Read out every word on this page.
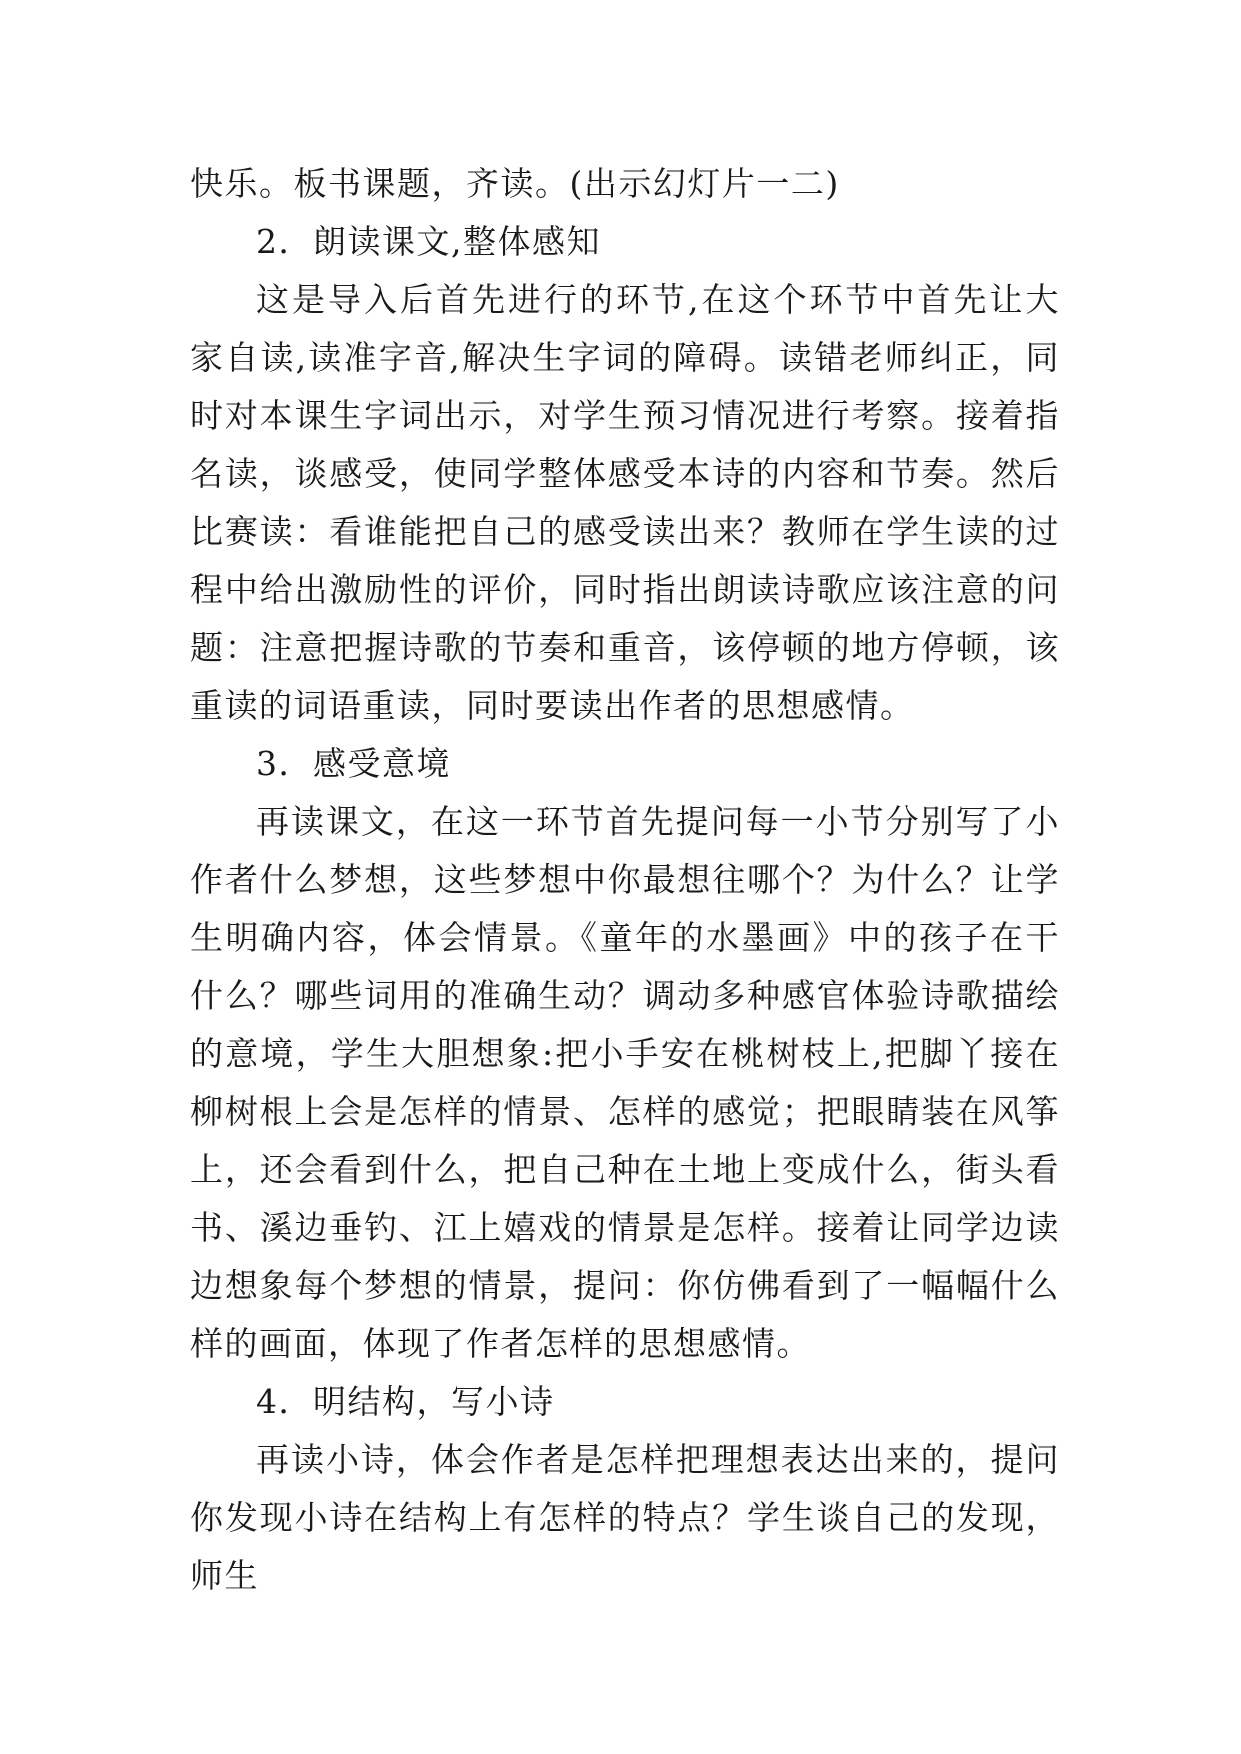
快乐。板书课题，齐读。(出示幻灯片一二)

2．朗读课文,整体感知

这是导入后首先进行的环节,在这个环节中首先让大家自读,读准字音,解决生字词的障碍。读错老师纠正，同时对本课生字词出示，对学生预习情况进行考察。接着指名读，谈感受，使同学整体感受本诗的内容和节奏。然后比赛读：看谁能把自己的感受读出来？教师在学生读的过程中给出激励性的评价，同时指出朗读诗歌应该注意的问题：注意把握诗歌的节奏和重音，该停顿的地方停顿，该重读的词语重读，同时要读出作者的思想感情。

3．感受意境

再读课文，在这一环节首先提问每一小节分别写了小作者什么梦想，这些梦想中你最想往哪个？为什么？让学生明确内容，体会情景。《童年的水墨画》中的孩子在干什么？哪些词用的准确生动？调动多种感官体验诗歌描绘的意境，学生大胆想象:把小手安在桃树枝上,把脚丫接在柳树根上会是怎样的情景、怎样的感觉；把眼睛装在风筝上，还会看到什么，把自己种在土地上变成什么，街头看书、溪边垂钓、江上嬉戏的情景是怎样。接着让同学边读边想象每个梦想的情景，提问：你仿佛看到了一幅幅什么样的画面，体现了作者怎样的思想感情。

4．明结构，写小诗

再读小诗，体会作者是怎样把理想表达出来的，提问你发现小诗在结构上有怎样的特点？学生谈自己的发现，师生
